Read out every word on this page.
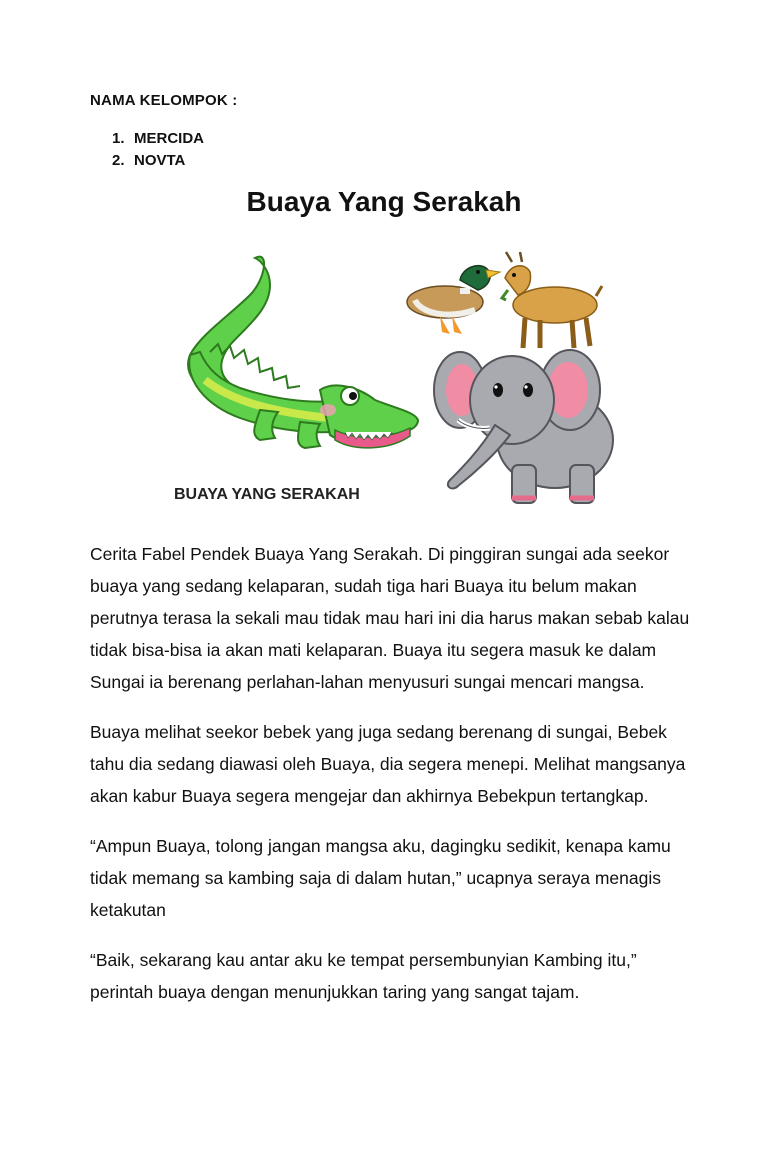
NAMA KELOMPOK :
1. MERCIDA
2. NOVTA
Buaya Yang Serakah
BUAYA YANG SERAKAH

Cerita Fabel Pendek Buaya Yang Serakah. Di pinggiran sungai ada seekor buaya yang sedang kelaparan, sudah tiga hari Buaya itu belum makan perutnya terasa la sekali mau tidak mau hari ini dia harus makan sebab kalau tidak bisa-bisa ia akan mati kelaparan. Buaya itu segera masuk ke dalam Sungai ia berenang perlahan-lahan menyusuri sungai mencari mangsa.

Buaya melihat seekor bebek yang juga sedang berenang di sungai, Bebek tahu dia sedang diawasi oleh Buaya, dia segera menepi. Melihat mangsanya akan kabur Buaya segera mengejar dan akhirnya Bebekpun tertangkap.

“Ampun Buaya, tolong jangan mangsa aku, dagingku sedikit, kenapa kamu tidak memang sa kambing saja di dalam hutan,” ucapnya seraya menagis ketakutan

“Baik, sekarang kau antar aku ke tempat persembunyian Kambing itu,” perintah buaya dengan menunjukkan taring yang sangat tajam.
